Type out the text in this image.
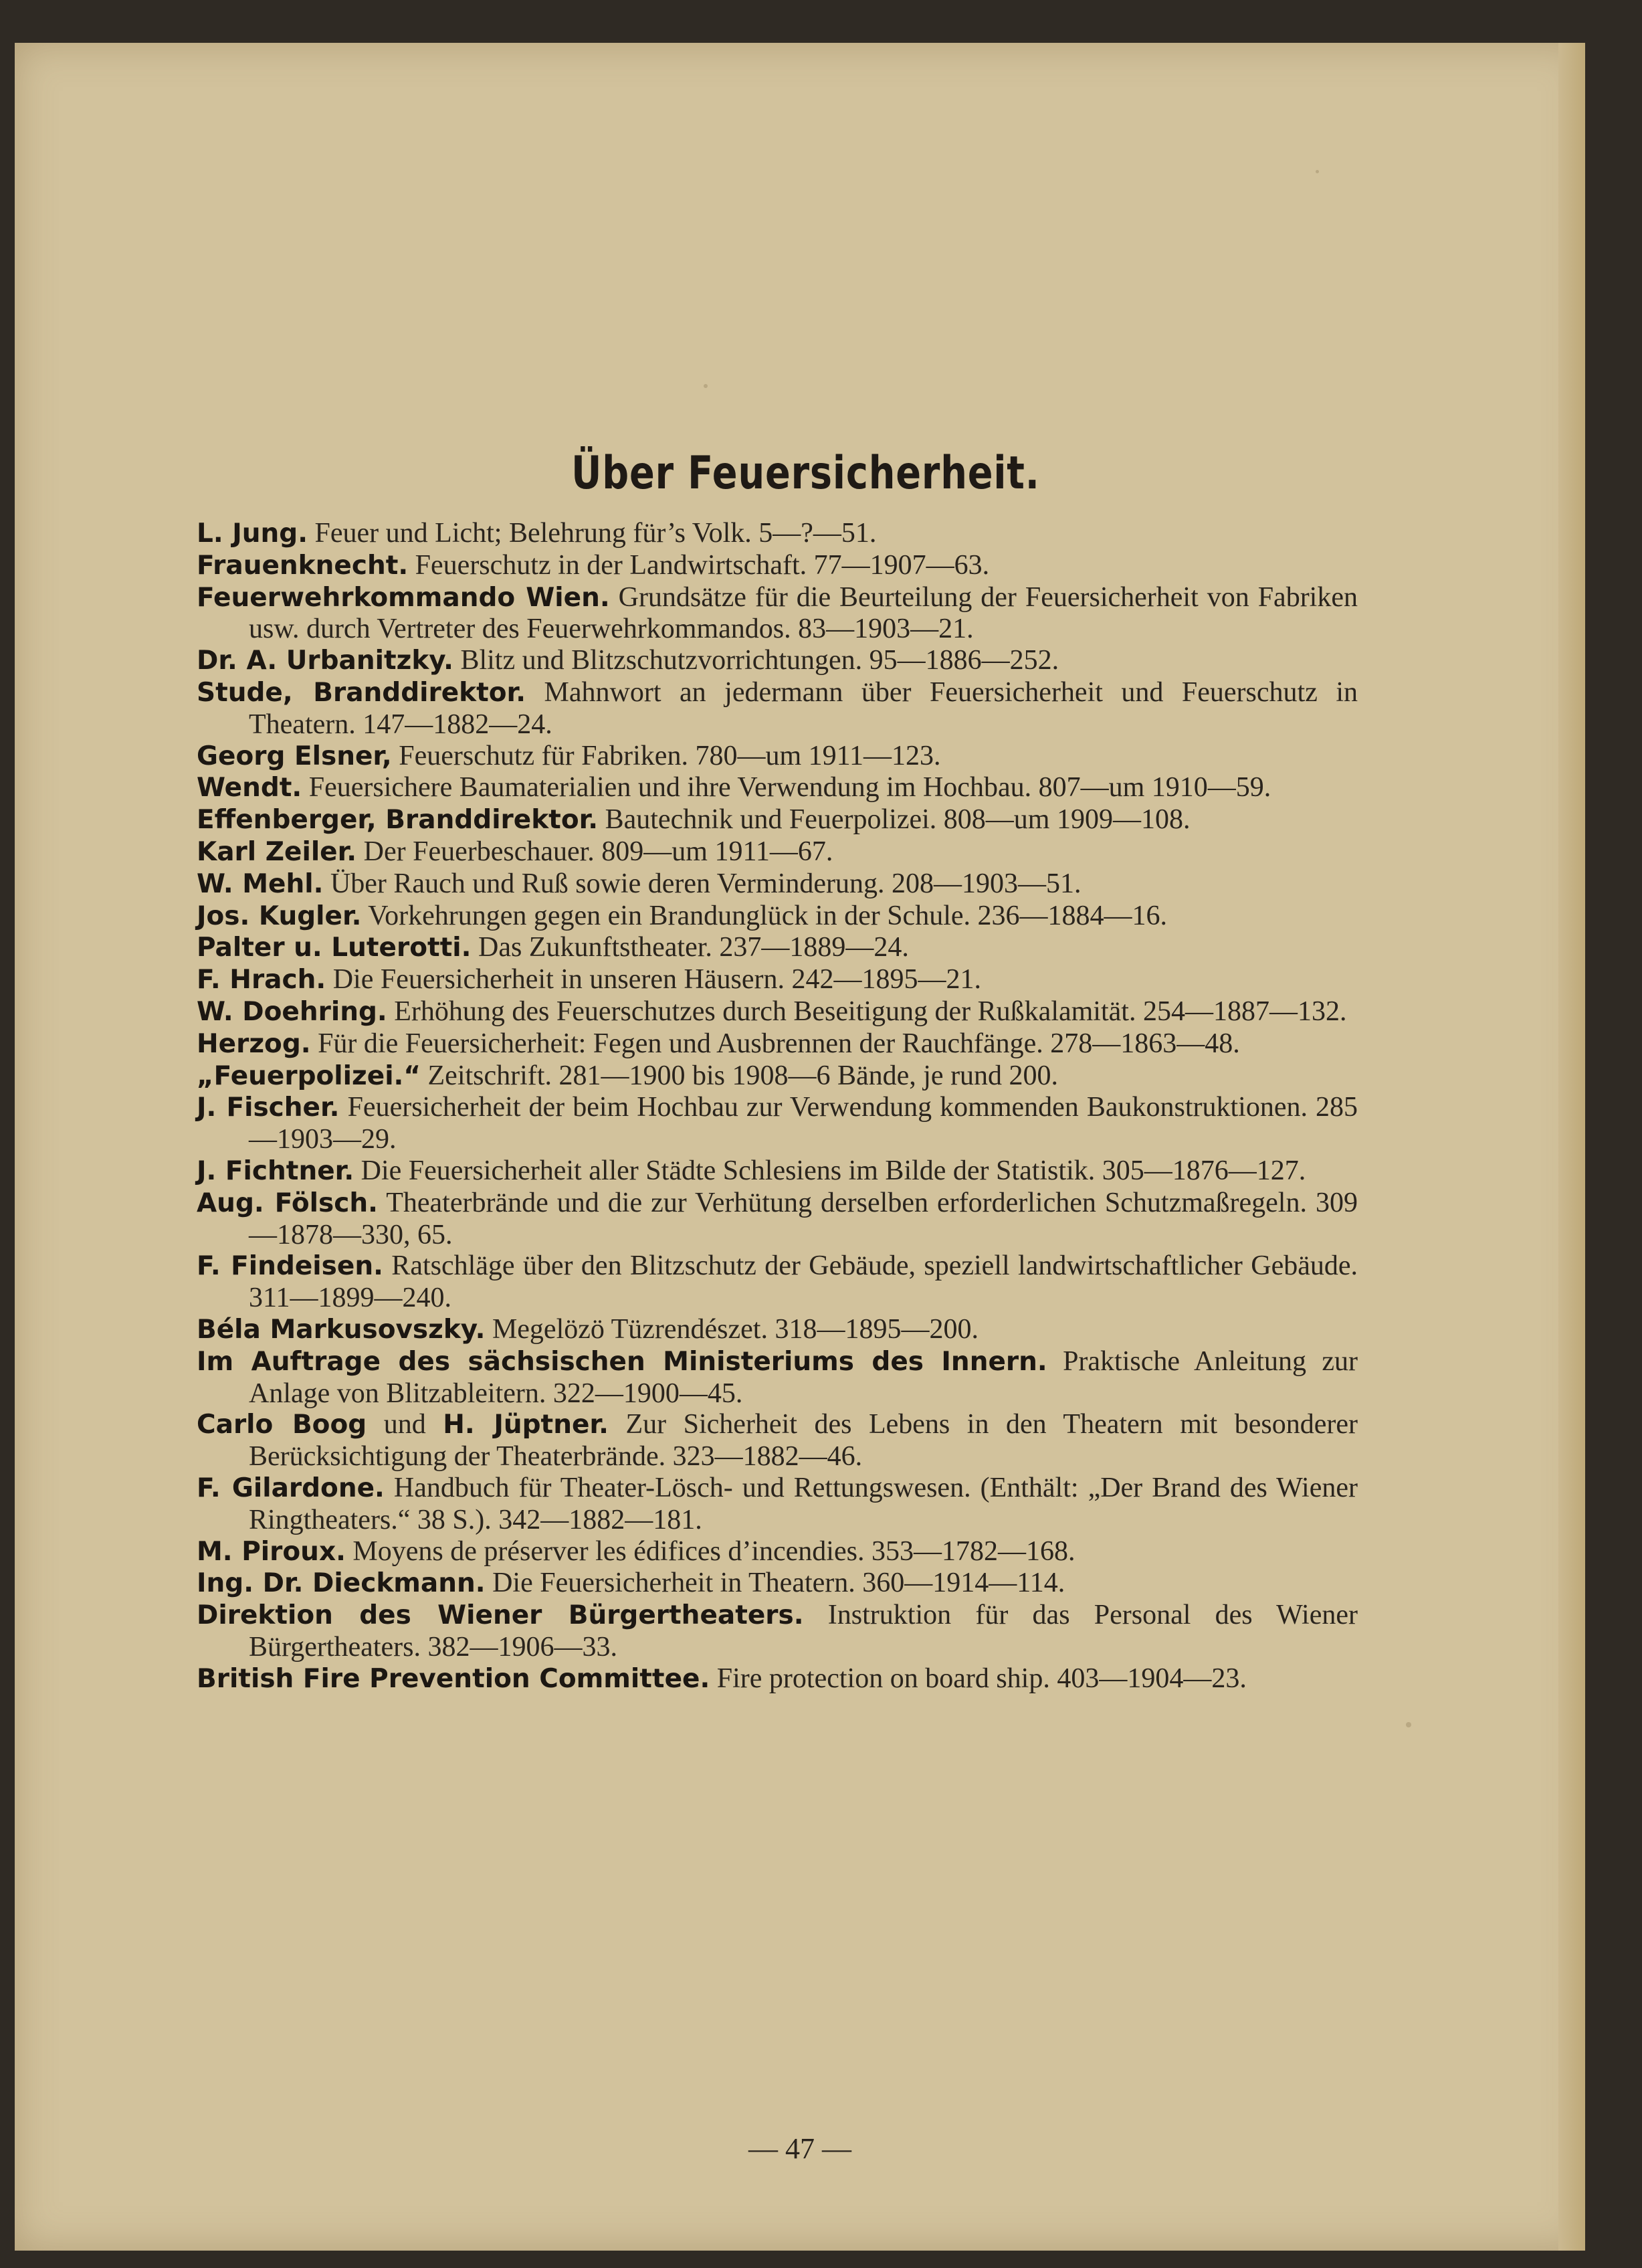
Über Feuersicherheit.

L. Jung. Feuer und Licht; Belehrung für’s Volk. 5—?—51.

Frauenknecht. Feuerschutz in der Landwirtschaft. 77—1907—63.

Feuerwehrkommando Wien. Grundsätze für die Beurteilung der Feuersicherheit von Fabriken usw. durch Vertreter des Feuerwehrkommandos. 83—1903—21.

Dr. A. Urbanitzky. Blitz und Blitzschutzvorrichtungen. 95—1886—252.

Stude, Branddirektor. Mahnwort an jedermann über Feuersicherheit und Feuerschutz in Theatern. 147—1882—24.

Georg Elsner, Feuerschutz für Fabriken. 780—um 1911—123.

Wendt. Feuersichere Baumaterialien und ihre Verwendung im Hochbau. 807—um 1910—59.

Effenberger, Branddirektor. Bautechnik und Feuerpolizei. 808—um 1909—108.

Karl Zeiler. Der Feuerbeschauer. 809—um 1911—67.

W. Mehl. Über Rauch und Ruß sowie deren Verminderung. 208—1903—51.

Jos. Kugler. Vorkehrungen gegen ein Brandunglück in der Schule. 236—1884—16.

Palter u. Luterotti. Das Zukunftstheater. 237—1889—24.

F. Hrach. Die Feuersicherheit in unseren Häusern. 242—1895—21.

W. Doehring. Erhöhung des Feuerschutzes durch Beseitigung der Rußkalamität. 254—1887—132.

Herzog. Für die Feuersicherheit: Fegen und Ausbrennen der Rauchfänge. 278—1863—48.

„Feuerpolizei.“ Zeitschrift. 281—1900 bis 1908—6 Bände, je rund 200.

J. Fischer. Feuersicherheit der beim Hochbau zur Verwendung kommenden Baukonstruktionen. 285—1903—29.

J. Fichtner. Die Feuersicherheit aller Städte Schlesiens im Bilde der Statistik. 305—1876—127.

Aug. Fölsch. Theaterbrände und die zur Verhütung derselben erforderlichen Schutzmaßregeln. 309—1878—330, 65.

F. Findeisen. Ratschläge über den Blitzschutz der Gebäude, speziell landwirtschaftlicher Gebäude. 311—1899—240.

Béla Markusovszky. Megelözö Tüzrendészet. 318—1895—200.

Im Auftrage des sächsischen Ministeriums des Innern. Praktische Anleitung zur Anlage von Blitzableitern. 322—1900—45.

Carlo Boog und H. Jüptner. Zur Sicherheit des Lebens in den Theatern mit besonderer Berücksichtigung der Theaterbrände. 323—1882—46.

F. Gilardone. Handbuch für Theater-Lösch- und Rettungswesen. (Enthält: „Der Brand des Wiener Ringtheaters.“ 38 S.). 342—1882—181.

M. Piroux. Moyens de préserver les édifices d’incendies. 353—1782—168.

Ing. Dr. Dieckmann. Die Feuersicherheit in Theatern. 360—1914—114.

Direktion des Wiener Bürgertheaters. Instruktion für das Personal des Wiener Bürgertheaters. 382—1906—33.

British Fire Prevention Committee. Fire protection on board ship. 403—1904—23.

— 47 —
